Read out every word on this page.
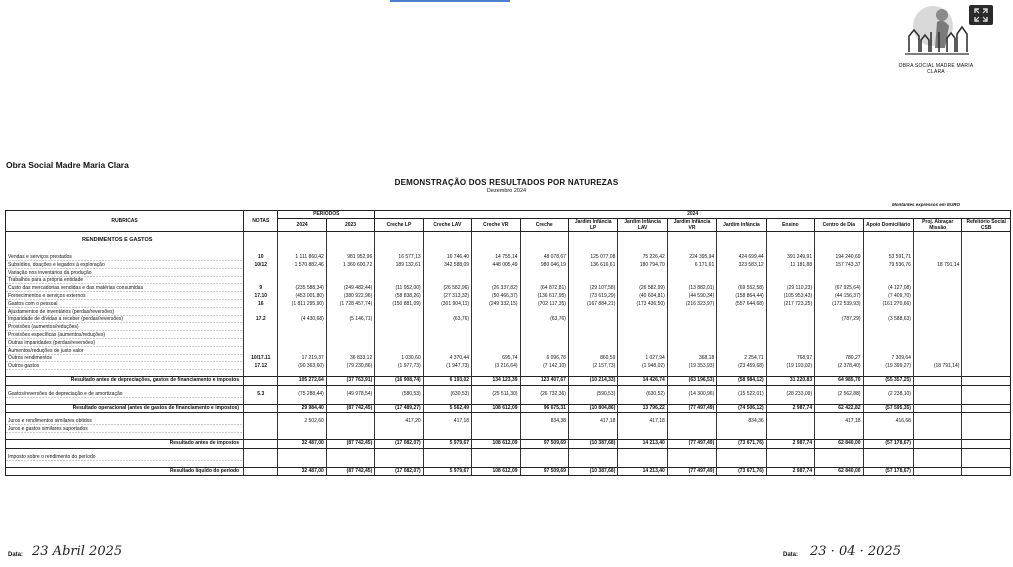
OBRA SOCIAL MADRE MARIA CLARA
Obra Social Madre Maria Clara
DEMONSTRAÇÃO DOS RESULTADOS POR NATUREZAS
Dezembro 2024
Montantes expressos em EURO
RUBRICAS	NOTAS	PERÍODOS		2024												
		2024	2023	Creche LP	Creche LAV	Creche VR	Creche	Jardim Infância LP	Jardim Infância LAV	Jardim Infância VR	Jardim Infância	Ensino	Centro de Dia	Apoio Domiciliário	Proj. Abraçar Missão	Refeitório Social CSB
RENDIMENTOS E GASTOS																

Vendas e serviços prestados	10	1 111 860,42	981 952,96	16 577,13	16 746,40	14 755,14	48 078,67	125 077,08	75 226,42	224 395,94	424 699,44	391 249,91	194 240,69	53 591,71		
Subsídios, doações e legados à exploração	10/12	1 570 882,46	1 360 600,72	189 132,61	342 588,09	448 005,49	980 046,19	136 616,61	180 794,70	6 171,61	323 583,12	11 181,88	157 743,37	79 536,76	18 791,14	
Variação nos inventários da produção																
Trabalhos para a própria entidade																
Custo das mercadorias vendidas e das matérias consumidas	9	(235 588,34)	(249 482,44)	(11 952,00)	(26 582,96)	(26 337,82)	(64 872,81)	(29 107,58)	(26 582,99)	(13 882,01)	(69 552,58)	(29 110,23)	(67 925,64)	(4 127,08)		
Fornecimentos e serviços externos	17.10	(453 001,80)	(380 922,96)	(58 838,26)	(27 313,32)	(50 466,37)	(136 617,95)	(73 619,29)	(40 604,81)	(44 590,34)	(158 864,44)	(105 953,43)	(44 156,37)	(7 409,70)		
Gastos com o pessoal	16	(1 811 295,90)	(1 728 457,74)	(150 881,09)	(301 904,11)	(249 332,15)	(702 117,35)	(167 884,21)	(173 436,50)	(216 323,97)	(557 644,68)	(217 723,25)	(172 539,93)	(161 270,66)		
Ajustamentos de inventários (perdas/reversões)																
Imparidade de dívidas a receber (perdas/reversões)	17.2	(4 430,68)	(5 146,71)		(63,76)		(63,76)						(787,29)	(3 588,63)		
Provisões (aumentos/reduções)																
Provisões específicas (aumentos/reduções)																
Outras imparidades (perdas/reversões)																
Aumentos/reduções de justo valor																
Outros rendimentos	10/17.11	17 219,37	36 833,12	1 030,60	4 370,44	695,74	6 096,78	860,59	1 027,94	368,18	2 254,71	768,97	780,27	7 309,64		
Outros gastos	17.12	(90 363,60)	(79 230,86)	(1 977,73)	(1 947,73)	(3 216,64)	(7 142,10)	(2 157,73)	(1 948,02)	(19 353,93)	(23 459,68)	(19 193,02)	(2 378,40)	(19 399,27)	(18 791,14)	

Resultado antes de depreciações, gastos de financiamento e impostos		105 272,64	(37 763,91)	(16 908,74)	6 193,02	134 123,39	123 407,67	(10 214,33)	14 426,74	(63 196,53)	(58 984,12)	31 220,83	64 985,70	(55 357,25)		

Gastos/reversões de depreciação e de amortização	5.3	(75 288,44)	(49 978,54)	(580,53)	(630,53)	(25 511,30)	(26 732,36)	(590,53)	(630,52)	(14 300,96)	(15 522,01)	(28 233,09)	(2 562,88)	(2 238,10)		

Resultado operacional (antes de gastos de financiamento e impostos)		29 984,40	(87 742,45)	(17 489,27)	5 562,49	108 612,09	96 675,31	(10 804,86)	13 796,22	(77 497,49)	(74 506,12)	2 987,74	62 422,82	(57 595,35)		

Juros e rendimentos similares obtidos		2 502,60		417,20	417,18		834,38	417,18	417,18		834,36		417,18	416,68		
Juros e gastos similares suportados																

Resultado antes de impostos		32 487,00	(87 742,45)	(17 082,07)	5 979,67	108 612,09	97 509,69	(10 387,68)	14 213,40	(77 497,49)	(73 671,76)	2 987,74	62 840,00	(57 178,67)		

Imposto sobre o rendimento do período																

Resultado líquido do período		32 487,00	(87 742,45)	(17 082,07)	5 979,67	108 612,09	97 509,69	(10 387,68)	14 213,40	(77 497,49)	(73 671,76)	2 987,74	62 840,00	(57 178,67)		
Data: 23 Abril 2025	Data: 23 · 04 · 2025
